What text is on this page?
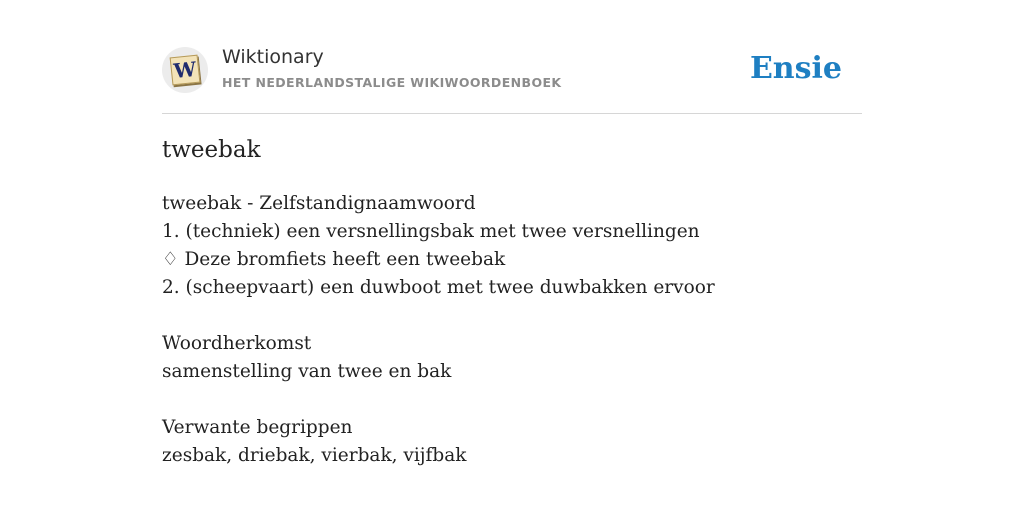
W Wiktionary
HET NEDERLANDSTALIGE WIKIWOORDENBOEK	Ensie
tweebak
tweebak - Zelfstandignaamwoord
1. (techniek) een versnellingsbak met twee versnellingen
♢ Deze bromfiets heeft een tweebak
2. (scheepvaart) een duwboot met twee duwbakken ervoor
Woordherkomst
samenstelling van twee en bak
Verwante begrippen
zesbak, driebak, vierbak, vijfbak
